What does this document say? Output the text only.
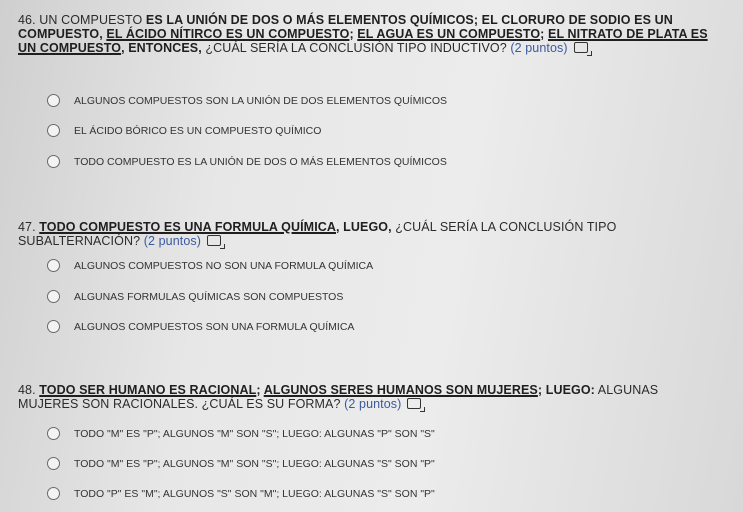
46. UN COMPUESTO ES LA UNIÓN DE DOS O MÁS ELEMENTOS QUÍMICOS; EL CLORURO DE SODIO ES UN COMPUESTO, EL ÁCIDO NÍTIRCO ES UN COMPUESTO; EL AGUA ES UN COMPUESTO; EL NITRATO DE PLATA ES UN COMPUESTO, ENTONCES, ¿CUÁL SERÍA LA CONCLUSIÓN TIPO INDUCTIVO? (2 puntos)
ALGUNOS COMPUESTOS SON LA UNIÓN DE DOS ELEMENTOS QUÍMICOS
EL ÁCIDO BÓRICO ES UN COMPUESTO QUÍMICO
TODO COMPUESTO ES LA UNIÓN DE DOS O MÁS ELEMENTOS QUÍMICOS
47. TODO COMPUESTO ES UNA FORMULA QUÍMICA, LUEGO, ¿CUÁL SERÍA LA CONCLUSIÓN TIPO SUBALTERNACIÓN? (2 puntos)
ALGUNOS COMPUESTOS NO SON UNA FORMULA QUÍMICA
ALGUNAS FORMULAS QUÍMICAS SON COMPUESTOS
ALGUNOS COMPUESTOS SON UNA FORMULA QUÍMICA
48. TODO SER HUMANO ES RACIONAL; ALGUNOS SERES HUMANOS SON MUJERES; LUEGO: ALGUNAS MUJERES SON RACIONALES. ¿CUÁL ES SU FORMA? (2 puntos)
TODO "M" ES "P"; ALGUNOS "M" SON "S"; LUEGO: ALGUNAS "P" SON "S"
TODO "M" ES "P"; ALGUNOS "M" SON "S"; LUEGO: ALGUNAS "S" SON "P"
TODO "P" ES "M"; ALGUNOS "S" SON "M"; LUEGO: ALGUNAS "S" SON "P"
